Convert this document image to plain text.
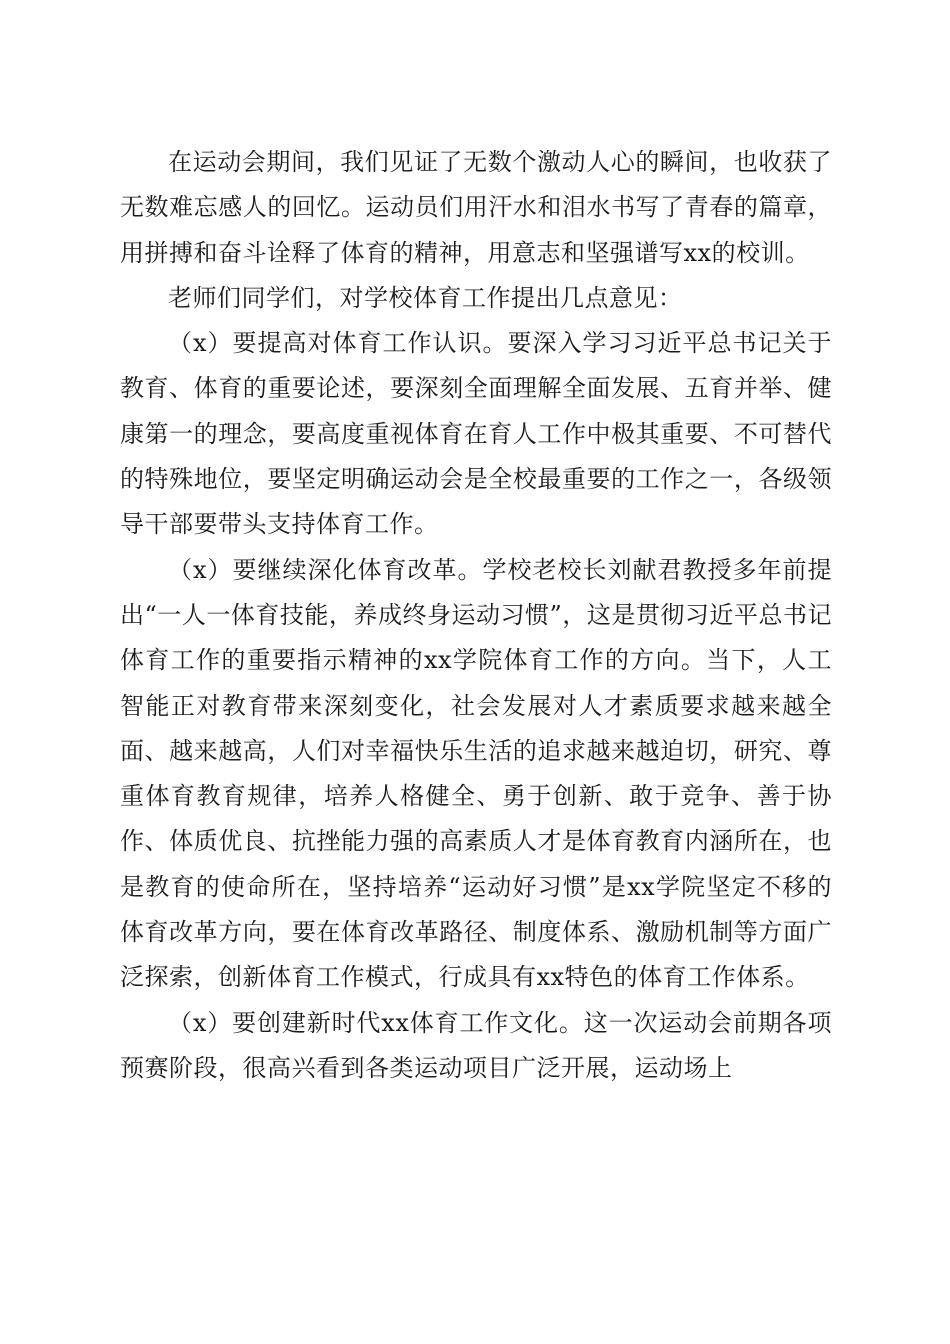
在运动会期间，我们见证了无数个激动人心的瞬间，也收获了无数难忘感人的回忆。运动员们用汗水和泪水书写了青春的篇章，用拼搏和奋斗诠释了体育的精神，用意志和坚强谱写xx的校训。

老师们同学们，对学校体育工作提出几点意见：

（x）要提高对体育工作认识。要深入学习习近平总书记关于教育、体育的重要论述，要深刻全面理解全面发展、五育并举、健康第一的理念，要高度重视体育在育人工作中极其重要、不可替代的特殊地位，要坚定明确运动会是全校最重要的工作之一，各级领导干部要带头支持体育工作。

（x）要继续深化体育改革。学校老校长刘献君教授多年前提出“一人一体育技能，养成终身运动习惯”，这是贯彻习近平总书记体育工作的重要指示精神的xx学院体育工作的方向。当下，人工智能正对教育带来深刻变化，社会发展对人才素质要求越来越全面、越来越高，人们对幸福快乐生活的追求越来越迫切，研究、尊重体育教育规律，培养人格健全、勇于创新、敢于竞争、善于协作、体质优良、抗挫能力强的高素质人才是体育教育内涵所在，也是教育的使命所在，坚持培养“运动好习惯”是xx学院坚定不移的体育改革方向，要在体育改革路径、制度体系、激励机制等方面广泛探索，创新体育工作模式，行成具有xx特色的体育工作体系。

（x）要创建新时代xx体育工作文化。这一次运动会前期各项预赛阶段，很高兴看到各类运动项目广泛开展，运动场上
